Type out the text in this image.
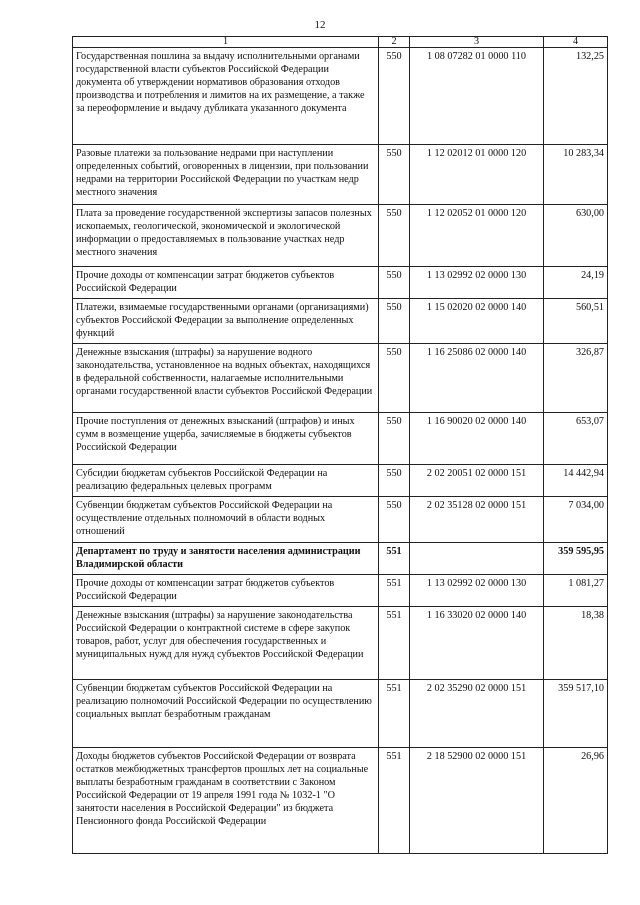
12
1	2	3	4
Государственная пошлина за выдачу исполнительными органами государственной власти субъектов Российской Федерации документа об утверждении нормативов образования отходов производства и потребления и лимитов на их размещение, а также за переоформление и выдачу дубликата указанного документа	550	1 08 07282 01 0000 110	132,25
Разовые платежи за пользование недрами при наступлении определенных событий, оговоренных в лицензии, при пользовании недрами на территории Российской Федерации по участкам недр местного значения	550	1 12 02012 01 0000 120	10 283,34
Плата за проведение государственной экспертизы запасов полезных ископаемых, геологической, экономической и экологической информации о предоставляемых в пользование участках недр местного значения	550	1 12 02052 01 0000 120	630,00
Прочие доходы от компенсации затрат бюджетов субъектов Российской Федерации	550	1 13 02992 02 0000 130	24,19
Платежи, взимаемые государственными органами (организациями) субъектов Российской Федерации за выполнение определенных функций	550	1 15 02020 02 0000 140	560,51
Денежные взыскания (штрафы) за нарушение водного законодательства, установленное на водных объектах, находящихся в федеральной собственности, налагаемые исполнительными органами государственной власти субъектов Российской Федерации	550	1 16 25086 02 0000 140	326,87
Прочие поступления от денежных взысканий (штрафов) и иных сумм в возмещение ущерба, зачисляемые в бюджеты субъектов Российской Федерации	550	1 16 90020 02 0000 140	653,07
Субсидии бюджетам субъектов Российской Федерации на реализацию федеральных целевых программ	550	2 02 20051 02 0000 151	14 442,94
Субвенции бюджетам субъектов Российской Федерации на осуществление отдельных полномочий в области водных отношений	550	2 02 35128 02 0000 151	7 034,00
Департамент по труду и занятости населения администрации Владимирской области	551		359 595,95
Прочие доходы от компенсации затрат бюджетов субъектов Российской Федерации	551	1 13 02992 02 0000 130	1 081,27
Денежные взыскания (штрафы) за нарушение законодательства Российской Федерации о контрактной системе в сфере закупок товаров, работ, услуг для обеспечения государственных и муниципальных нужд для нужд субъектов Российской Федерации	551	1 16 33020 02 0000 140	18,38
Субвенции бюджетам субъектов Российской Федерации на реализацию полномочий Российской Федерации по осуществлению социальных выплат безработным гражданам	551	2 02 35290 02 0000 151	359 517,10
Доходы бюджетов субъектов Российской Федерации от возврата остатков межбюджетных трансфертов прошлых лет на социальные выплаты безработным гражданам в соответствии с Законом Российской Федерации от 19 апреля 1991 года № 1032-1 "О занятости населения в Российской Федерации" из бюджета Пенсионного фонда Российской Федерации	551	2 18 52900 02 0000 151	26,96
